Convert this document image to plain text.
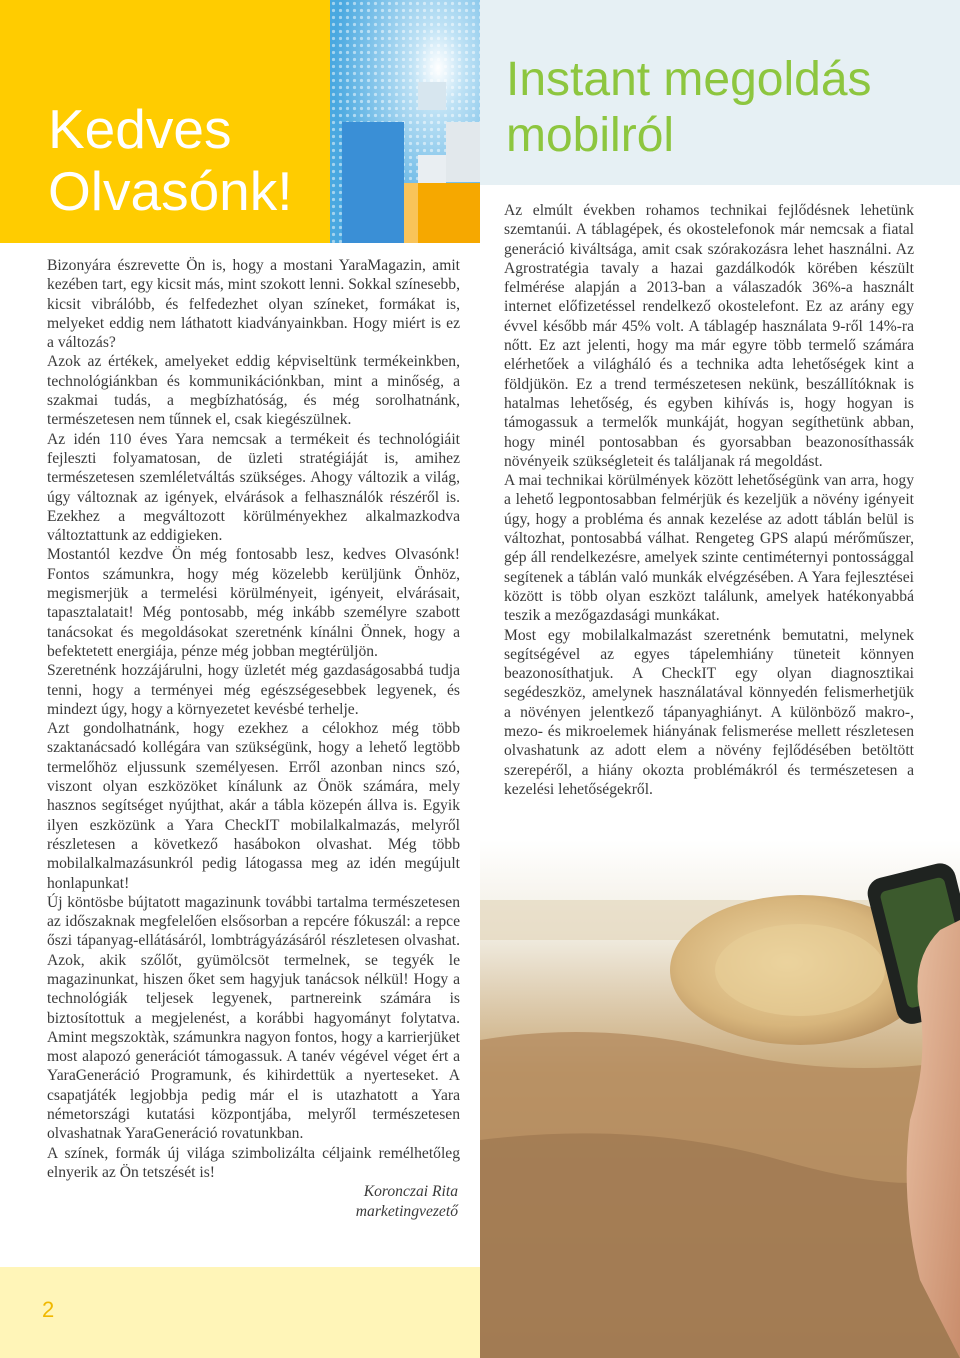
Kedves Olvasónk!

Bizonyára észrevette Ön is, hogy a mostani YaraMagazin, amit kezében tart, egy kicsit más, mint szokott lenni. Sokkal színesebb, kicsit vibrálóbb, és felfedezhet olyan színeket, formákat is, melyeket eddig nem láthatott kiadványainkban. Hogy miért is ez a változás?

Azok az értékek, amelyeket eddig képviseltünk termékeinkben, technológiánkban és kommunikációnkban, mint a minőség, a szakmai tudás, a megbízhatóság, és még sorolhatnánk, természetesen nem tűnnek el, csak kiegészülnek.

Az idén 110 éves Yara nemcsak a termékeit és technológiáit fejleszti folyamatosan, de üzleti stratégiáját is, amihez természetesen szemléletváltás szükséges. Ahogy változik a világ, úgy változnak az igények, elvárások a felhasználók részéről is. Ezekhez a megváltozott körülményekhez alkalmazkodva változtattunk az eddigieken.

Mostantól kezdve Ön még fontosabb lesz, kedves Olvasónk! Fontos számunkra, hogy még közelebb kerüljünk Önhöz, megismerjük a termelési körülményeit, igényeit, elvárásait, tapasztalatait! Még pontosabb, még inkább személyre szabott tanácsokat és megoldásokat szeretnénk kínálni Önnek, hogy a befektetett energiája, pénze még jobban megtérüljön.

Szeretnénk hozzájárulni, hogy üzletét még gazdaságosabbá tudja tenni, hogy a terményei még egészségesebbek legyenek, és mindezt úgy, hogy a környezetet kevésbé terhelje.

Azt gondolhatnánk, hogy ezekhez a célokhoz még több szaktanácsadó kollégára van szükségünk, hogy a lehető legtöbb termelőhöz eljussunk személyesen. Erről azonban nincs szó, viszont olyan eszközöket kínálunk az Önök számára, mely hasznos segítséget nyújthat, akár a tábla közepén állva is. Egyik ilyen eszközünk a Yara CheckIT mobilalkalmazás, melyről részletesen a következő hasábokon olvashat. Még több mobilalkalmazásunkról pedig látogassa meg az idén megújult honlapunkat!

Új köntösbe bújtatott magazinunk további tartalma természetesen az időszaknak megfelelően elsősorban a repcére fókuszál: a repce őszi tápanyag-ellátásáról, lombtrágyázásáról részletesen olvashat. Azok, akik szőlőt, gyümölcsöt termelnek, se tegyék le magazinunkat, hiszen őket sem hagyjuk tanácsok nélkül! Hogy a technológiák teljesek legyenek, partnereink számára is biztosítottuk a megjelenést, a korábbi hagyományt folytatva. Amint megszoktàk, számunkra nagyon fontos, hogy a karrierjüket most alapozó generációt támogassuk. A tanév végével véget ért a YaraGeneráció Programunk, és kihirdettük a nyerteseket. A csapatjáték legjobbja pedig már el is utazhatott a Yara németországi kutatási központjába, melyről természetesen olvashatnak YaraGeneráció rovatunkban.

A színek, formák új világa szimbolizálta céljaink remélhetőleg elnyerik az Ön tetszését is!

Koronczai Rita
marketingvezető
2
Instant megoldás mobilról

Az elmúlt években rohamos technikai fejlődésnek lehetünk szemtanúi. A táblagépek, és okostelefonok már nemcsak a fiatal generáció kiváltsága, amit csak szórakozásra lehet használni. Az Agrostratégia tavaly a hazai gazdálkodók körében készült felmérése alapján a 2013-ban a válaszadók 36%-a használt internet előfizetéssel rendelkező okostelefont. Ez az arány egy évvel később már 45% volt. A táblagép használata 9-ről 14%-ra nőtt. Ez azt jelenti, hogy ma már egyre több termelő számára elérhetőek a világháló és a technika adta lehetőségek kint a földjükön. Ez a trend természetesen nekünk, beszállítóknak is hatalmas lehetőség, és egyben kihívás is, hogy hogyan is támogassuk a termelők munkáját, hogyan segíthetünk abban, hogy minél pontosabban és gyorsabban beazonosíthassák növényeik szükségleteit és találjanak rá megoldást.

A mai technikai körülmények között lehetőségünk van arra, hogy a lehető legpontosabban felmérjük és kezeljük a növény igényeit úgy, hogy a probléma és annak kezelése az adott táblán belül is változhat, pontosabbá válhat. Rengeteg GPS alapú mérőműszer, gép áll rendelkezésre, amelyek szinte centiméternyi pontossággal segítenek a táblán való munkák elvégzésében. A Yara fejlesztései között is több olyan eszközt találunk, amelyek hatékonyabbá teszik a mezőgazdasági munkákat.

Most egy mobilalkalmazást szeretnénk bemutatni, melynek segítségével az egyes tápelemhiány tüneteit könnyen beazonosíthatjuk. A CheckIT egy olyan diagnosztikai segédeszköz, amelynek használatával könnyedén felismerhetjük a növényen jelentkező tápanyaghiányt. A különböző makro-, mezo- és mikroelemek hiányának felismerése mellett részletesen olvashatunk az adott elem a növény fejlődésében betöltött szerepéről, a hiány okozta problémákról és természetesen a kezelési lehetőségekről.
